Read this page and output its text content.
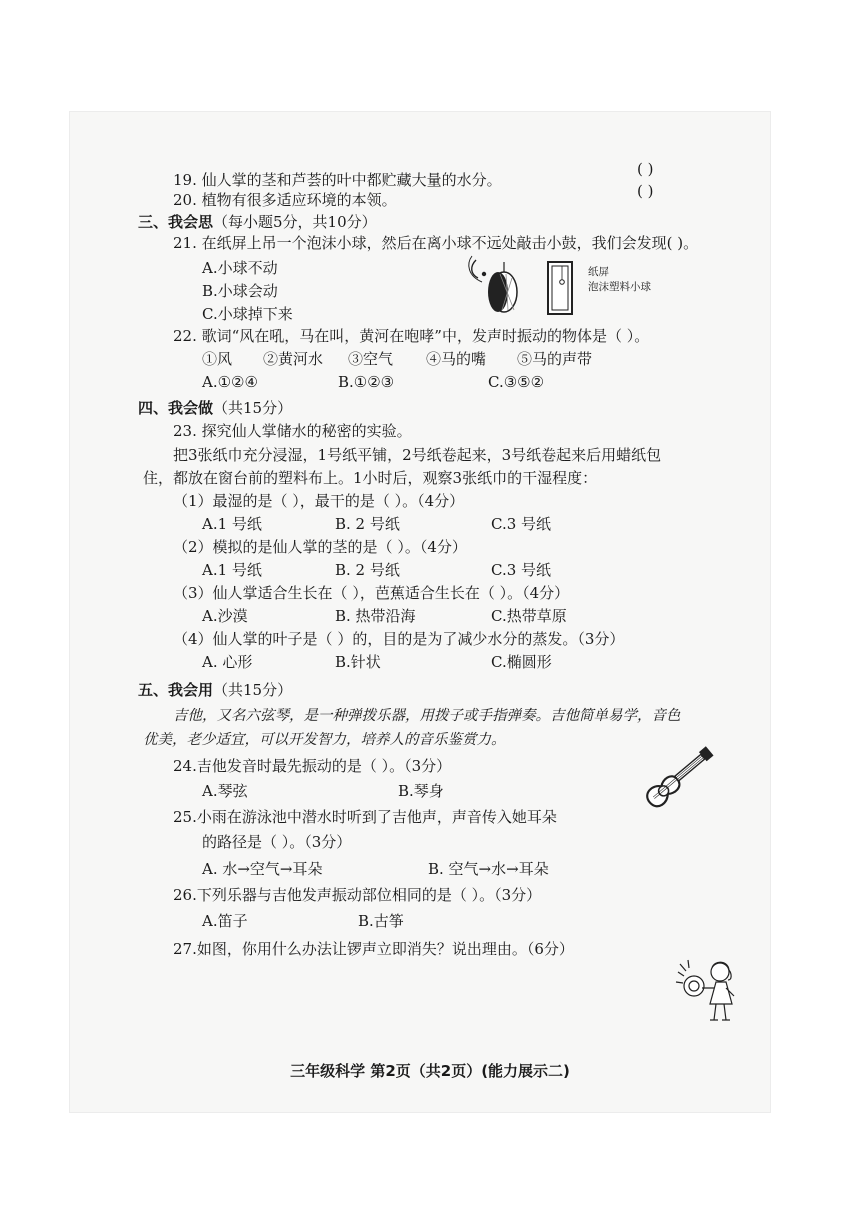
19. 仙人掌的茎和芦荟的叶中都贮藏大量的水分。
( )
20. 植物有很多适应环境的本领。	( )
三、我会思（每小题5分，共10分）
21. 在纸屏上吊一个泡沫小球，然后在离小球不远处敲击小鼓，我们会发现( )。
A.小球不动
B.小球会动
C.小球掉下来
纸屏
泡沫塑料小球
22. 歌词“风在吼，马在叫，黄河在咆哮”中，发声时振动的物体是（ ）。
①风 ②黄河水 ③空气 ④马的嘴 ⑤马的声带
A.①②④	B.①②③	C.③⑤②
四、我会做（共15分）
23. 探究仙人掌储水的秘密的实验。
把3张纸巾充分浸湿，1号纸平铺，2号纸卷起来，3号纸卷起来后用蜡纸包
住，都放在窗台前的塑料布上。1小时后，观察3张纸巾的干湿程度：
（1）最湿的是（ ），最干的是（ ）。（4分）
A.1 号纸	B. 2 号纸	C.3 号纸
（2）模拟的是仙人掌的茎的是（ ）。（4分）
A.1 号纸	B. 2 号纸	C.3 号纸
（3）仙人掌适合生长在（ ），芭蕉适合生长在（ ）。（4分）
A.沙漠	B. 热带沿海	C.热带草原
（4）仙人掌的叶子是（ ）的，目的是为了减少水分的蒸发。（3分）
A. 心形	B.针状	C.椭圆形
五、我会用（共15分）
吉他，又名六弦琴，是一种弹拨乐器，用拨子或手指弹奏。吉他简单易学，音色
优美，老少适宜，可以开发智力，培养人的音乐鉴赏力。
24.吉他发音时最先振动的是（ ）。（3分）
A.琴弦	B.琴身
25.小雨在游泳池中潜水时听到了吉他声，声音传入她耳朵
的路径是（ ）。（3分）
A. 水→空气→耳朵	B. 空气→水→耳朵
26.下列乐器与吉他发声振动部位相同的是（ ）。（3分）
A.笛子	B.古筝
27.如图，你用什么办法让锣声立即消失？说出理由。（6分）
三年级科学 第2页（共2页）(能力展示二)
